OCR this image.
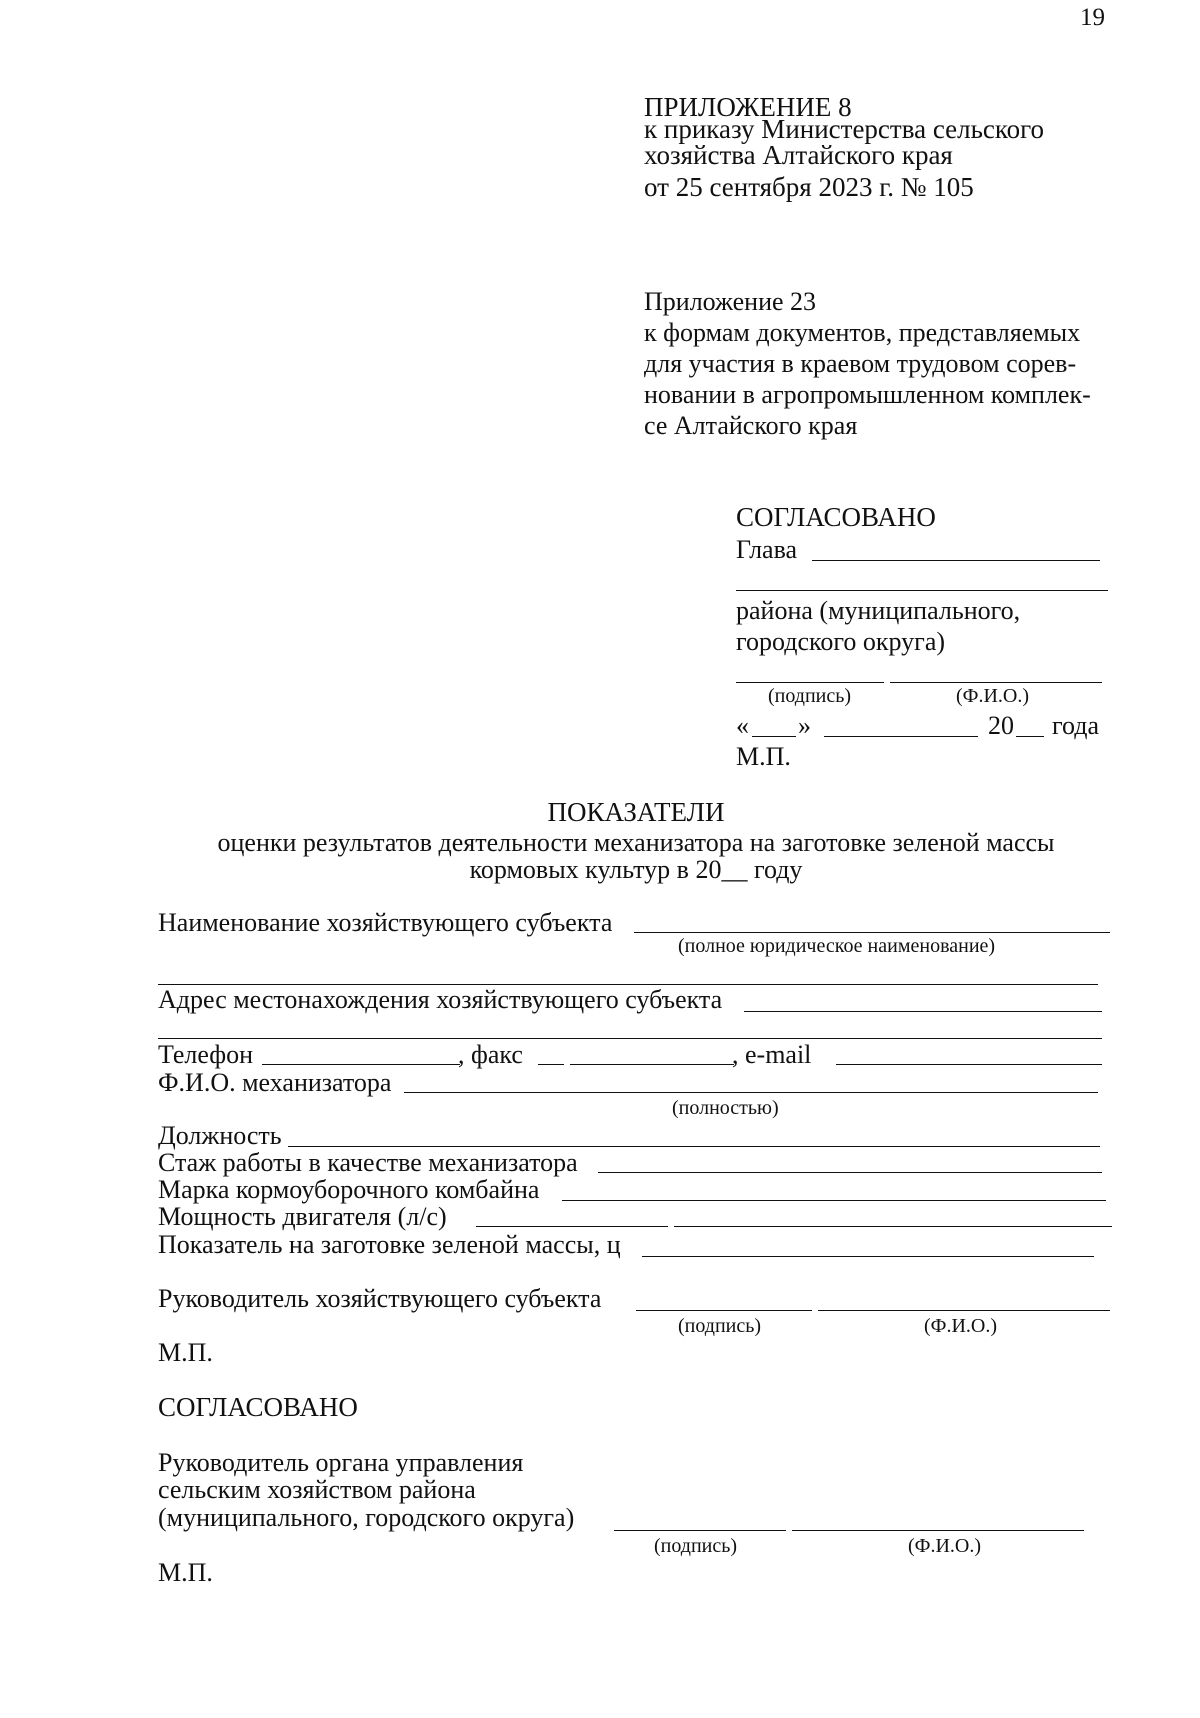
19
ПРИЛОЖЕНИЕ 8
к приказу Министерства сельского
хозяйства Алтайского края
от 25 сентября 2023 г. № 105
Приложение 23
к формам документов, представляемых
для участия в краевом трудовом сорев-
новании в агропромышленном комплек-
се Алтайского края
СОГЛАСОВАНО
Глава
района (муниципального,
городского округа)
(подпись)	(Ф.И.О.)
« »	20 года
М.П.
ПОКАЗАТЕЛИ
оценки результатов деятельности механизатора на заготовке зеленой массы
кормовых культур в 20__ году
Наименование хозяйствующего субъекта
(полное юридическое наименование)
Адрес местонахождения хозяйствующего субъекта
Телефон	, факс	, e-mail
Ф.И.О. механизатора
(полностью)
Должность
Стаж работы в качестве механизатора
Марка кормоуборочного комбайна
Мощность двигателя (л/с)
Показатель на заготовке зеленой массы, ц
Руководитель хозяйствующего субъекта
(подпись)	(Ф.И.О.)
М.П.
СОГЛАСОВАНО
Руководитель органа управления
сельским хозяйством района
(муниципального, городского округа)
(подпись)	(Ф.И.О.)
М.П.
